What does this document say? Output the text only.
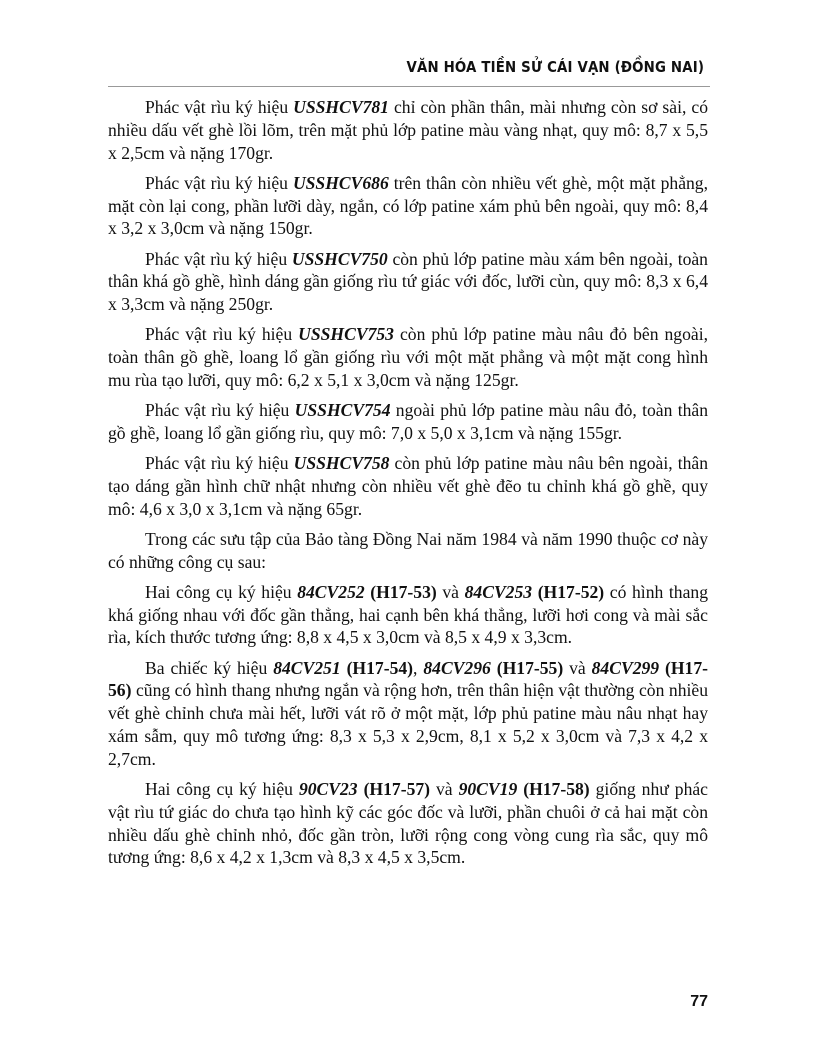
VĂN HÓA TIỀN SỬ CÁI VẠN (ĐỒNG NAI)

Phác vật rìu ký hiệu USSHCV781 chỉ còn phần thân, mài nhưng còn sơ sài, có nhiều dấu vết ghè lồi lõm, trên mặt phủ lớp patine màu vàng nhạt, quy mô: 8,7 x 5,5 x 2,5cm và nặng 170gr.

Phác vật rìu ký hiệu USSHCV686 trên thân còn nhiều vết ghè, một mặt phẳng, mặt còn lại cong, phần lưỡi dày, ngắn, có lớp patine xám phủ bên ngoài, quy mô: 8,4 x 3,2 x 3,0cm và nặng 150gr.

Phác vật rìu ký hiệu USSHCV750 còn phủ lớp patine màu xám bên ngoài, toàn thân khá gồ ghề, hình dáng gần giống rìu tứ giác với đốc, lưỡi cùn, quy mô: 8,3 x 6,4 x 3,3cm và nặng 250gr.

Phác vật rìu ký hiệu USSHCV753 còn phủ lớp patine màu nâu đỏ bên ngoài, toàn thân gồ ghề, loang lổ gần giống rìu với một mặt phẳng và một mặt cong hình mu rùa tạo lưỡi, quy mô: 6,2 x 5,1 x 3,0cm và nặng 125gr.

Phác vật rìu ký hiệu USSHCV754 ngoài phủ lớp patine màu nâu đỏ, toàn thân gồ ghề, loang lổ gần giống rìu, quy mô: 7,0 x 5,0 x 3,1cm và nặng 155gr.

Phác vật rìu ký hiệu USSHCV758 còn phủ lớp patine màu nâu bên ngoài, thân tạo dáng gần hình chữ nhật nhưng còn nhiều vết ghè đẽo tu chỉnh khá gồ ghề, quy mô: 4,6 x 3,0 x 3,1cm và nặng 65gr.

Trong các sưu tập của Bảo tàng Đồng Nai năm 1984 và năm 1990 thuộc cơ này có những công cụ sau:

Hai công cụ ký hiệu 84CV252 (H17-53) và 84CV253 (H17-52) có hình thang khá giống nhau với đốc gần thẳng, hai cạnh bên khá thẳng, lưỡi hơi cong và mài sắc rìa, kích thước tương ứng: 8,8 x 4,5 x 3,0cm và 8,5 x 4,9 x 3,3cm.

Ba chiếc ký hiệu 84CV251 (H17-54), 84CV296 (H17-55) và 84CV299 (H17-56) cũng có hình thang nhưng ngắn và rộng hơn, trên thân hiện vật thường còn nhiều vết ghè chỉnh chưa mài hết, lưỡi vát rõ ở một mặt, lớp phủ patine màu nâu nhạt hay xám sẫm, quy mô tương ứng: 8,3 x 5,3 x 2,9cm, 8,1 x 5,2 x 3,0cm và 7,3 x 4,2 x 2,7cm.

Hai công cụ ký hiệu 90CV23 (H17-57) và 90CV19 (H17-58) giống như phác vật rìu tứ giác do chưa tạo hình kỹ các góc đốc và lưỡi, phần chuôi ở cả hai mặt còn nhiều dấu ghè chỉnh nhỏ, đốc gần tròn, lưỡi rộng cong vòng cung rìa sắc, quy mô tương ứng: 8,6 x 4,2 x 1,3cm và 8,3 x 4,5 x 3,5cm.

77
